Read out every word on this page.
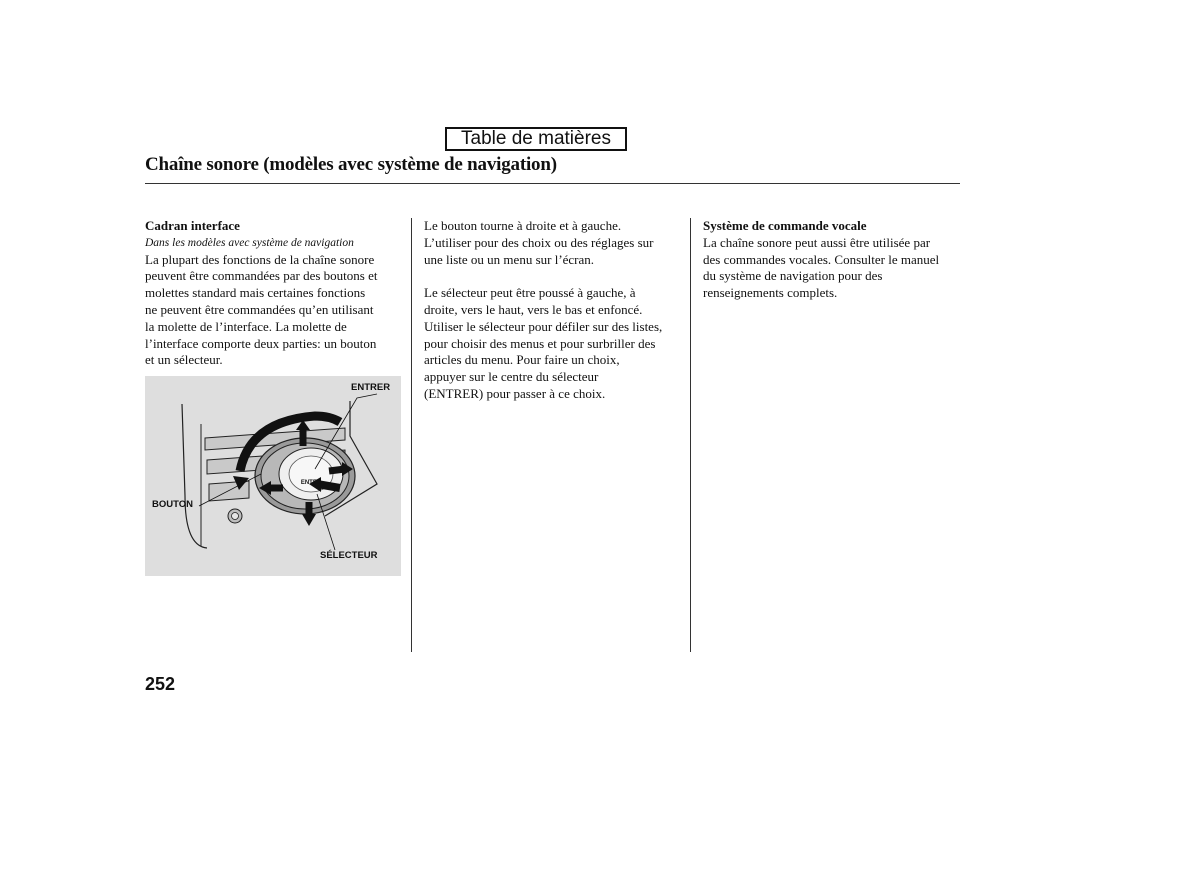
Table de matières
Chaîne sonore (modèles avec système de navigation)

Cadran interface

Dans les modèles avec système de navigation

La plupart des fonctions de la chaîne sonore

peuvent être commandées par des boutons et

molettes standard mais certaines fonctions

ne peuvent être commandées qu’en utilisant

la molette de l’interface. La molette de

l’interface comporte deux parties: un bouton

et un sélecteur.

ENTER
ENTRER
BOUTON
SÉLECTEUR

Le bouton tourne à droite et à gauche.

L’utiliser pour des choix ou des réglages sur

une liste ou un menu sur l’écran.

Le sélecteur peut être poussé à gauche, à

droite, vers le haut, vers le bas et enfoncé.

Utiliser le sélecteur pour défiler sur des listes,

pour choisir des menus et pour surbriller des

articles du menu. Pour faire un choix,

appuyer sur le centre du sélecteur

(ENTRER) pour passer à ce choix.

Système de commande vocale

La chaîne sonore peut aussi être utilisée par

des commandes vocales. Consulter le manuel

du système de navigation pour des

renseignements complets.

252
